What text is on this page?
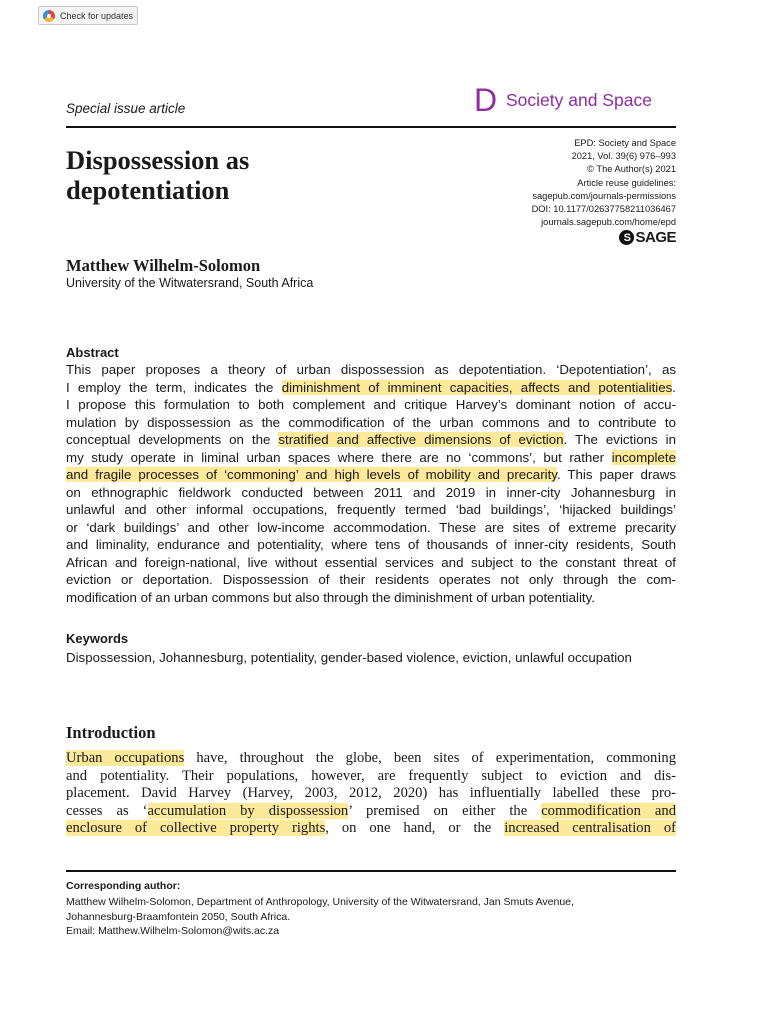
Check for updates
Special issue article	D Society and Space
Dispossession as
depotentiation
EPD: Society and Space
2021, Vol. 39(6) 976–993
© The Author(s) 2021
Article reuse guidelines:
sagepub.com/journals-permissions
DOI: 10.1177/02637758211036467
journals.sagepub.com/home/epd
S SAGE
Matthew Wilhelm-Solomon
University of the Witwatersrand, South Africa
Abstract
This paper proposes a theory of urban dispossession as depotentiation. ‘Depotentiation’, as
I employ the term, indicates the diminishment of imminent capacities, affects and potentialities.
I propose this formulation to both complement and critique Harvey’s dominant notion of accu-
mulation by dispossession as the commodification of the urban commons and to contribute to
conceptual developments on the stratified and affective dimensions of eviction. The evictions in
my study operate in liminal urban spaces where there are no ‘commons’, but rather incomplete
and fragile processes of ‘commoning’ and high levels of mobility and precarity. This paper draws
on ethnographic fieldwork conducted between 2011 and 2019 in inner-city Johannesburg in
unlawful and other informal occupations, frequently termed ‘bad buildings’, ‘hijacked buildings’
or ‘dark buildings’ and other low-income accommodation. These are sites of extreme precarity
and liminality, endurance and potentiality, where tens of thousands of inner-city residents, South
African and foreign-national, live without essential services and subject to the constant threat of
eviction or deportation. Dispossession of their residents operates not only through the com-
modification of an urban commons but also through the diminishment of urban potentiality.
Keywords
Dispossession, Johannesburg, potentiality, gender-based violence, eviction, unlawful occupation
Introduction
Urban occupations have, throughout the globe, been sites of experimentation, commoning
and potentiality. Their populations, however, are frequently subject to eviction and dis-
placement. David Harvey (Harvey, 2003, 2012, 2020) has influentially labelled these pro-
cesses as ‘accumulation by dispossession’ premised on either the commodification and
enclosure of collective property rights, on one hand, or the increased centralisation of
Corresponding author:
Matthew Wilhelm-Solomon, Department of Anthropology, University of the Witwatersrand, Jan Smuts Avenue,
Johannesburg-Braamfontein 2050, South Africa.
Email: Matthew.Wilhelm-Solomon@wits.ac.za
